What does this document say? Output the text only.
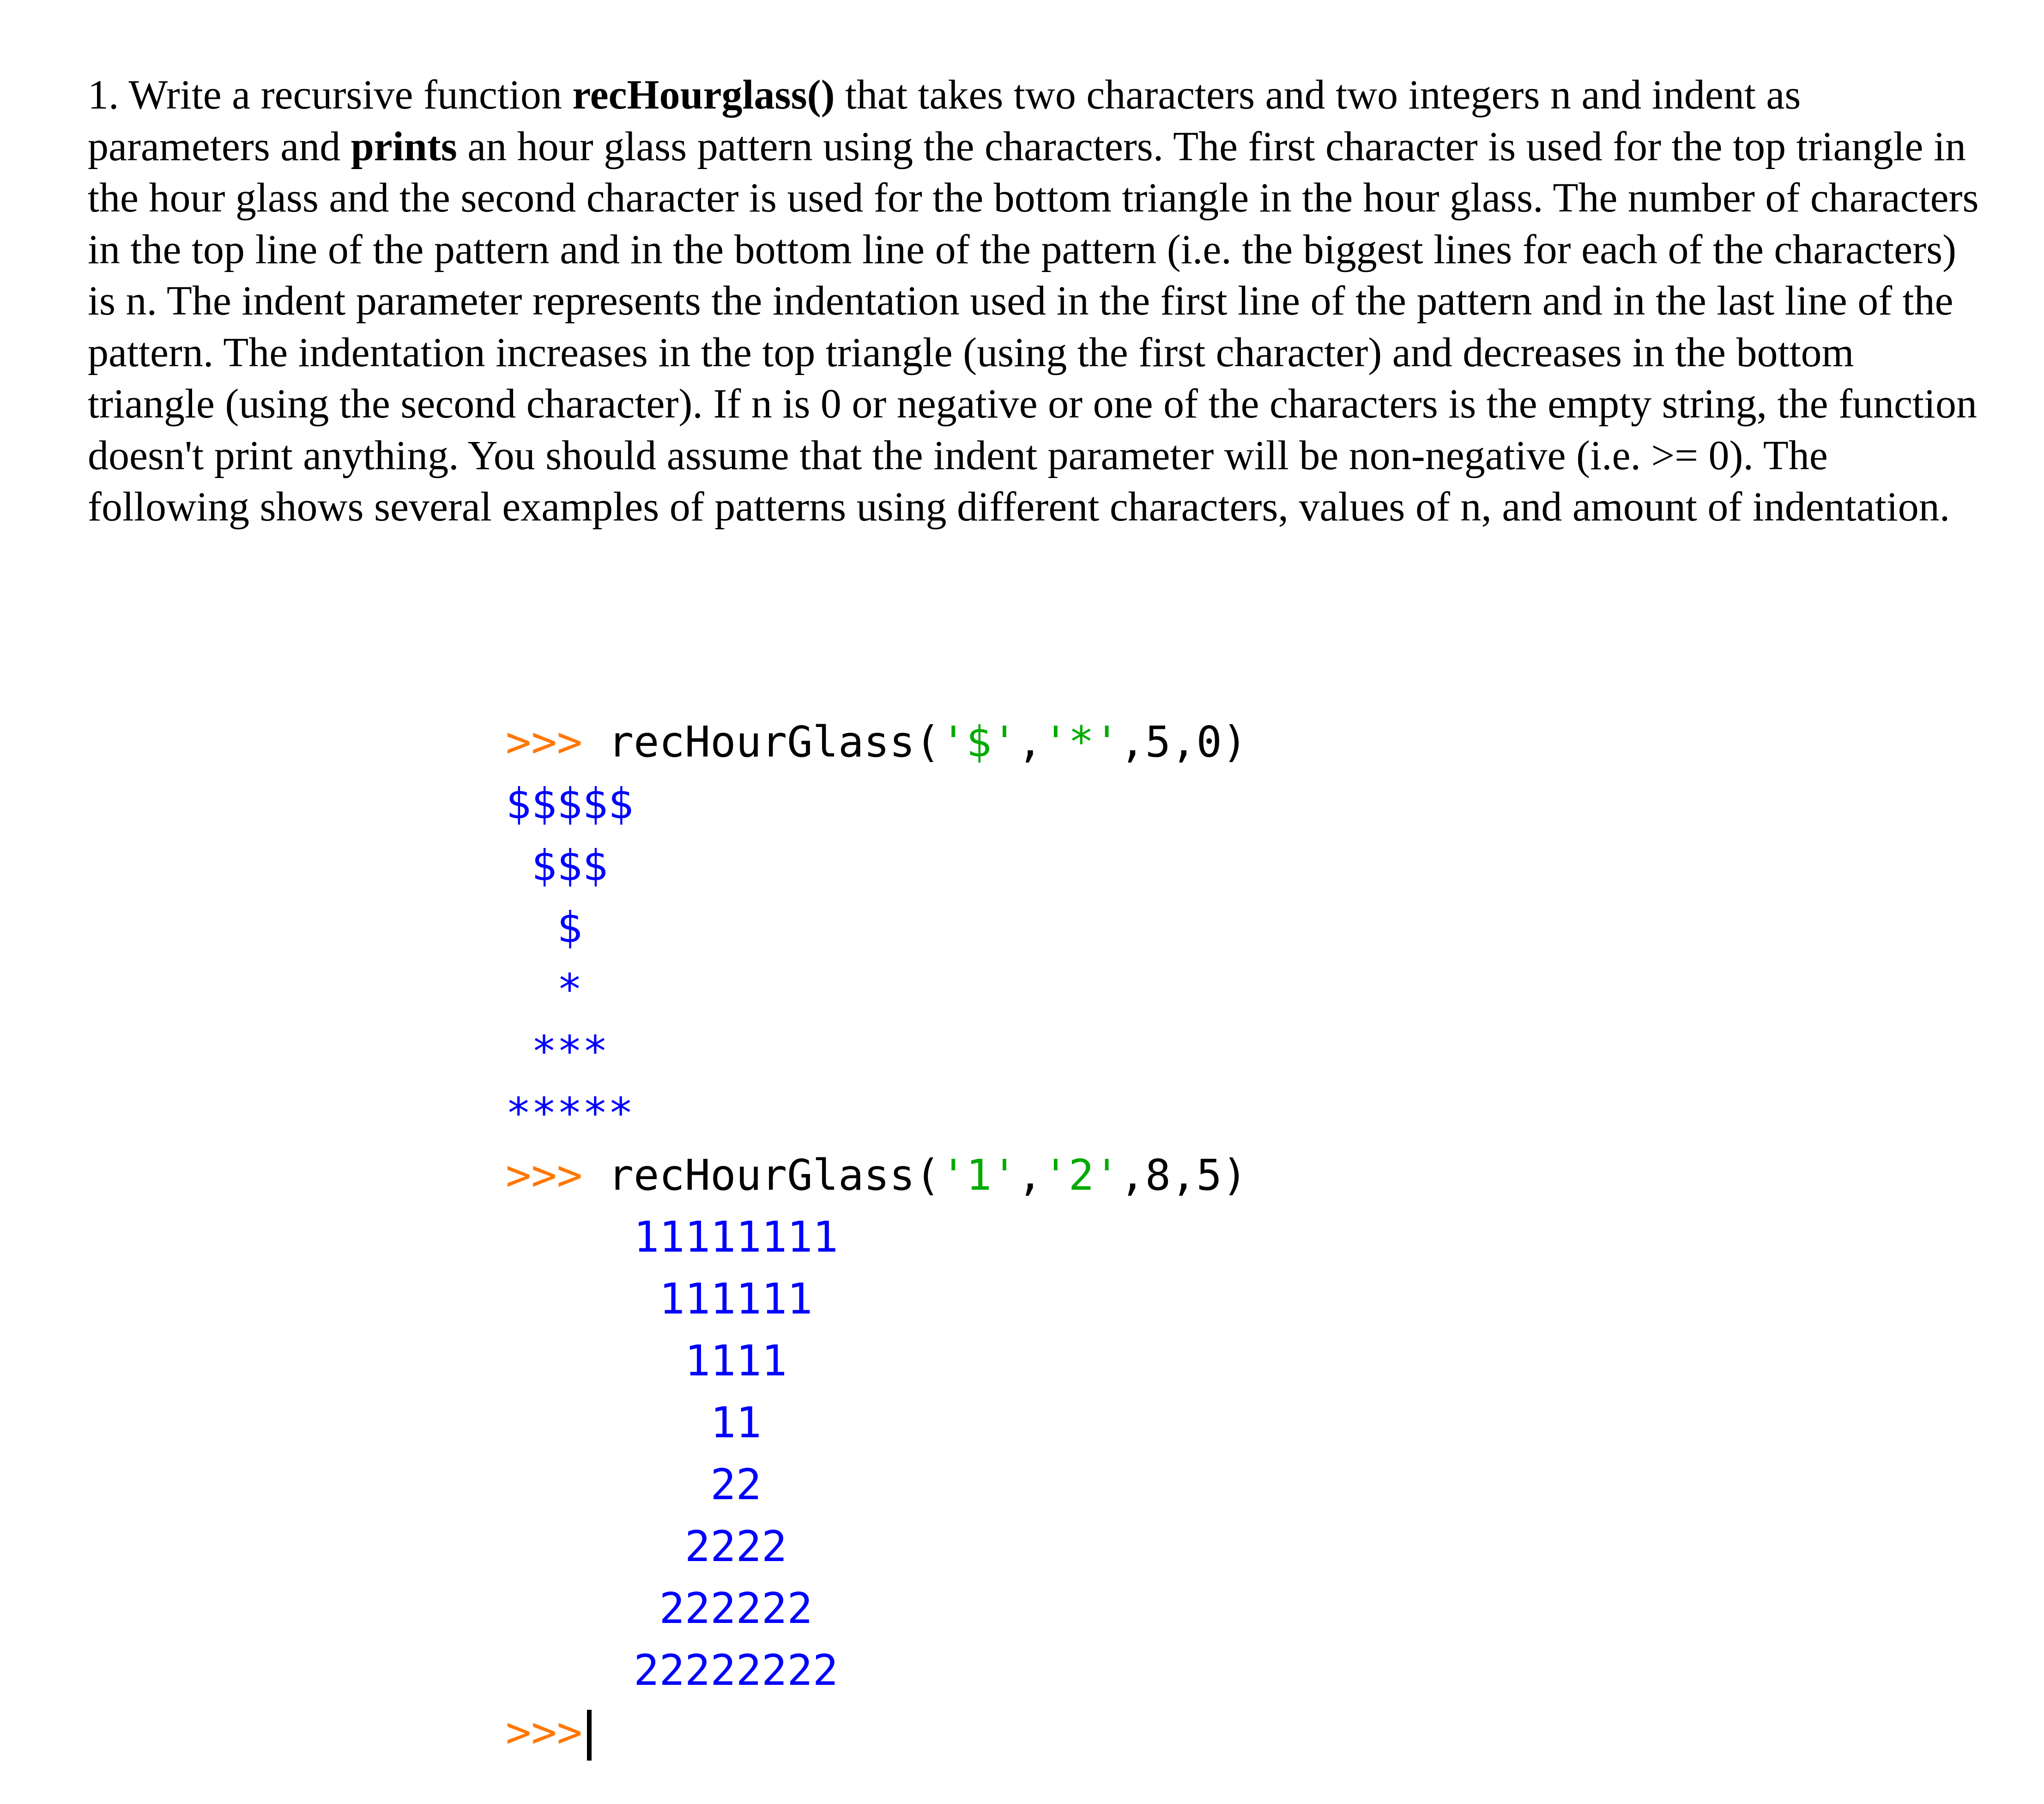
1. Write a recursive function recHourglass() that takes two characters and two integers n and indent as parameters and prints an hour glass pattern using the characters. The first character is used for the top triangle in the hour glass and the second character is used for the bottom triangle in the hour glass. The number of characters in the top line of the pattern and in the bottom line of the pattern (i.e. the biggest lines for each of the characters) is n. The indent parameter represents the indentation used in the first line of the pattern and in the last line of the pattern. The indentation increases in the top triangle (using the first character) and decreases in the bottom triangle (using the second character). If n is 0 or negative or one of the characters is the empty string, the function doesn't print anything. You should assume that the indent parameter will be non-negative (i.e. >= 0). The following shows several examples of patterns using different characters, values of n, and amount of indentation.

>>> recHourGlass('$','*',5,0)
$$$$$
$$$
$
*
***
*****
>>> recHourGlass('1','2',8,5)
11111111
111111
1111
11
22
2222
222222
22222222
>>>
